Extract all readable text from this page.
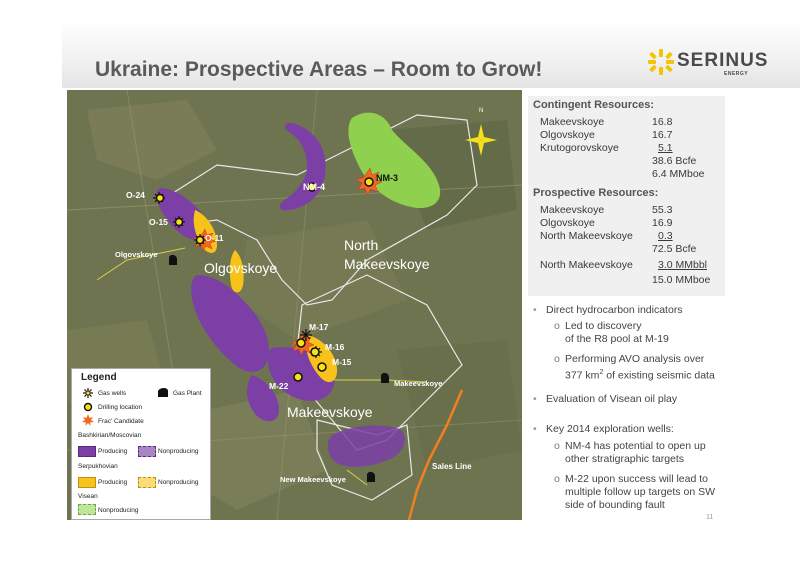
Ukraine: Prospective Areas – Room to Grow!	SERINUS
ENERGY
N
Olgovskoye
North
Makeevskoye
Makeevskoye
NM-3
NM-4
O-24
O-15
O-11
M-17
M-16
M-15
M-22
Olgovskoye
Makeevskoye
New Makeevskoye
Sales Line
Legend
Gas wells	Gas Plant
Drilling location
Frac' Candidate
Bashkirian/Moscovian
Producing	Nonproducing
Serpukhovian
Producing	Nonproducing
Visean
Nonproducing
Contingent Resources:
Makeevskoye	16.8
Olgovskoye	16.7
Krutogorovskoye	5.1
38.6 Bcfe
6.4 MMboe
Prospective Resources:
Makeevskoye	55.3
Olgovskoye	16.9
North Makeevskoye 0.3
72.5 Bcfe
North Makeevskoye 3.0 MMbbl
15.0 MMboe
• Direct hydrocarbon indicators
o Led to discovery
of the R8 pool at M-19
o Performing AVO analysis over
377 $km^2$ of existing seismic data
• Evaluation of Visean oil play
• Key 2014 exploration wells:
o NM-4 has potential to open up
other stratigraphic targets
o M-22 upon success will lead to
multiple follow up targets on SW
side of bounding fault
11
